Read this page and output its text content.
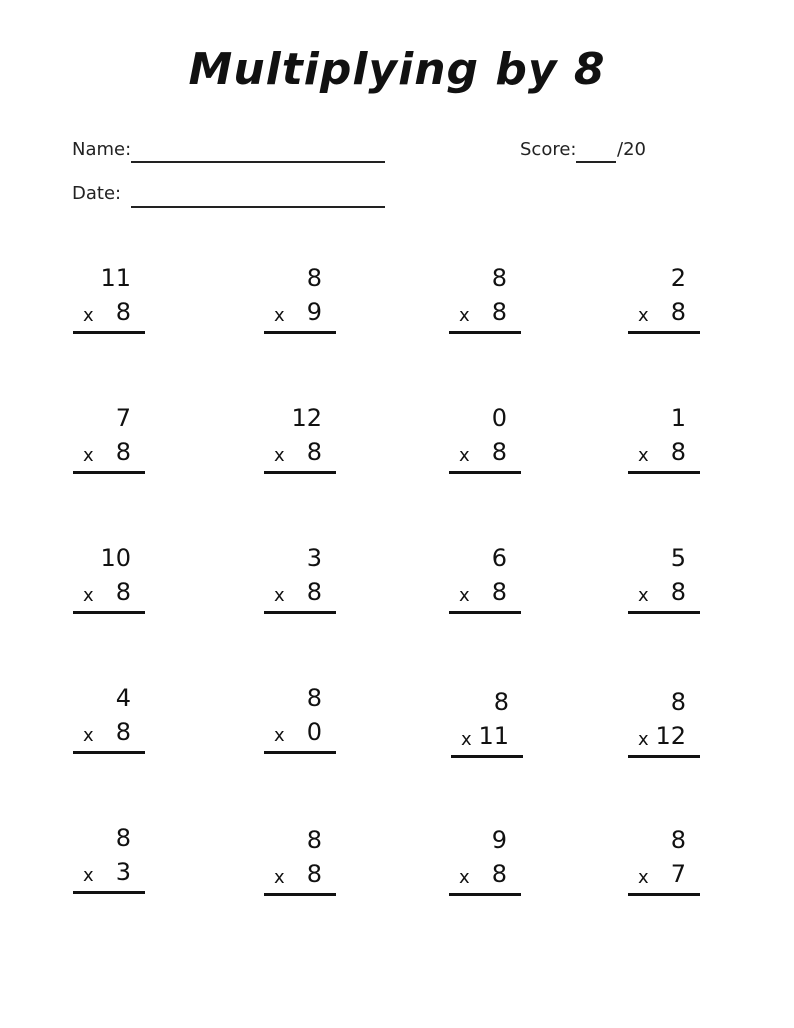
Multiplying by 8
Name:
Date:
Score: /20
11
x 8
8
x 9
8
x 8
2
x 8
7
x 8
12
x 8
0
x 8
1
x 8
10
x 8
3
x 8
6
x 8
5
x 8
4
x 8
8
x 0
8
x 11
8
x 12
8
x 3
8
x 8
9
x 8
8
x 7
